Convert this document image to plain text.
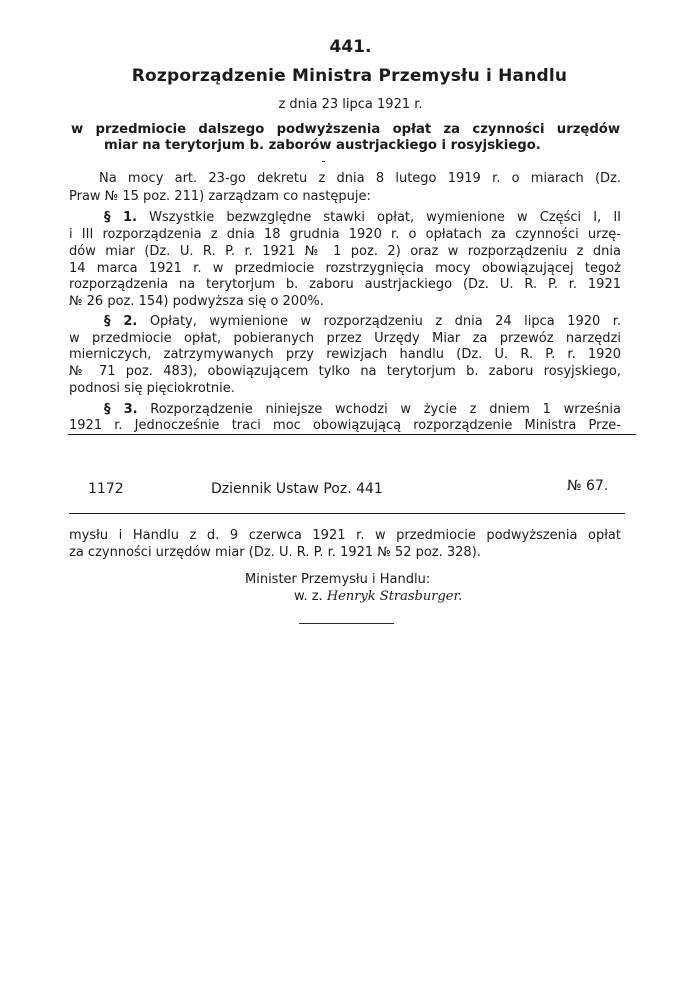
441.
Rozporządzenie Ministra Przemysłu i Handlu
z dnia 23 lipca 1921 r.
w przedmiocie dalszego podwyższenia opłat za czynności urzędów
miar na terytorjum b. zaborów austrjackiego i rosyjskiego.
Na mocy art. 23-go dekretu z dnia 8 lutego 1919 r. o miarach (Dz.
Praw № 15 poz. 211) zarządzam co następuje:
§ 1. Wszystkie bezwzględne stawki opłat, wymienione w Części I, II
i III rozporządzenia z dnia 18 grudnia 1920 r. o opłatach za czynności urzę-
dów miar (Dz. U. R. P. r. 1921 № 1 poz. 2) oraz w rozporządzeniu z dnia
14 marca 1921 r. w przedmiocie rozstrzygnięcia mocy obowiązującej tegoż
rozporządzenia na terytorjum b. zaboru austrjackiego (Dz. U. R. P. r. 1921
№ 26 poz. 154) podwyższa się o 200%.
§ 2. Opłaty, wymienione w rozporządzeniu z dnia 24 lipca 1920 r.
w przedmiocie opłat, pobieranych przez Urzędy Miar za przewóz narzędzi
mierniczych, zatrzymywanych przy rewizjach handlu (Dz. U. R. P. r. 1920
№ 71 poz. 483), obowiązującem tylko na terytorjum b. zaboru rosyjskiego,
podnosi się pięciokrotnie.
§ 3. Rozporządzenie niniejsze wchodzi w życie z dniem 1 września
1921 r. Jednocześnie traci moc obowiązującą rozporządzenie Ministra Prze-
1172	Dziennik Ustaw Poz. 441	№ 67.
mysłu i Handlu z d. 9 czerwca 1921 r. w przedmiocie podwyższenia opłat
za czynności urzędów miar (Dz. U. R. P. r. 1921 № 52 poz. 328).
Minister Przemysłu i Handlu:
w. z. Henryk Strasburger.
